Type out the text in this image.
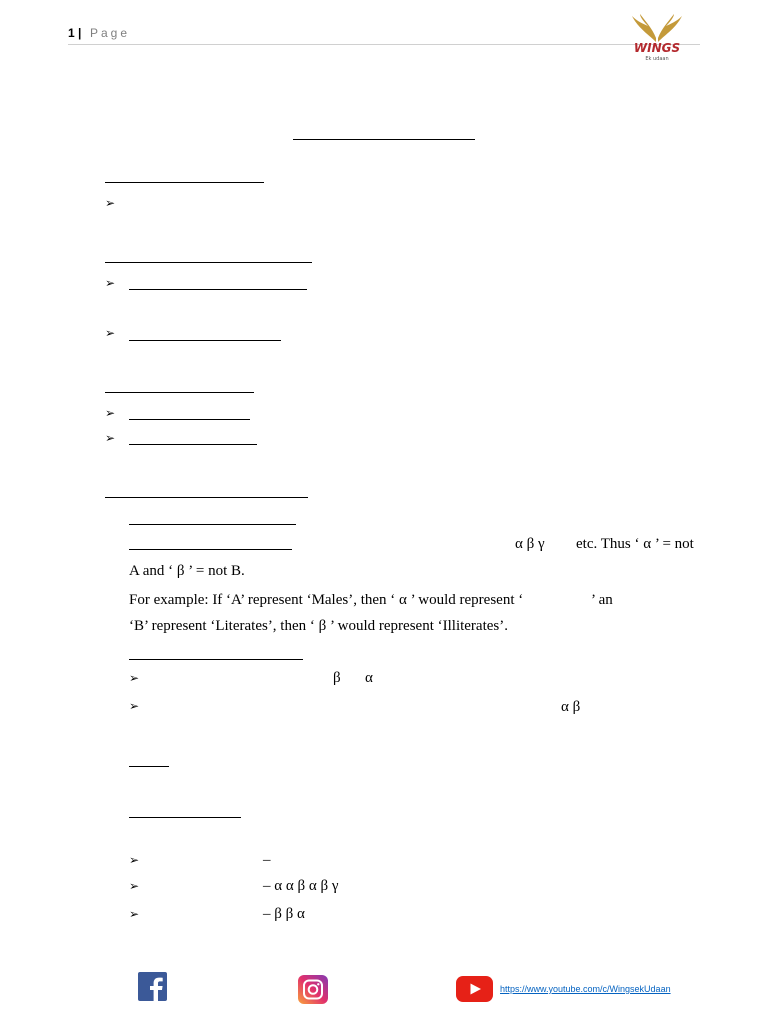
1 | Page
WINGS
Ek udaan
➢
➢
➢
➢
➢
α β γ etc. Thus ‘ α ’ = not
A and ‘ β ’ = not B.
For example: If ‘A’ represent ‘Males’, then ‘ α ’ would represent ‘	’ an
‘B’ represent ‘Literates’, then ‘ β ’ would represent ‘Illiterates’.
➢	β α
➢	α β
➢	–
➢	– α α β α β γ
➢	– β β α
https://www.youtube.com/c/WingsekUdaan
